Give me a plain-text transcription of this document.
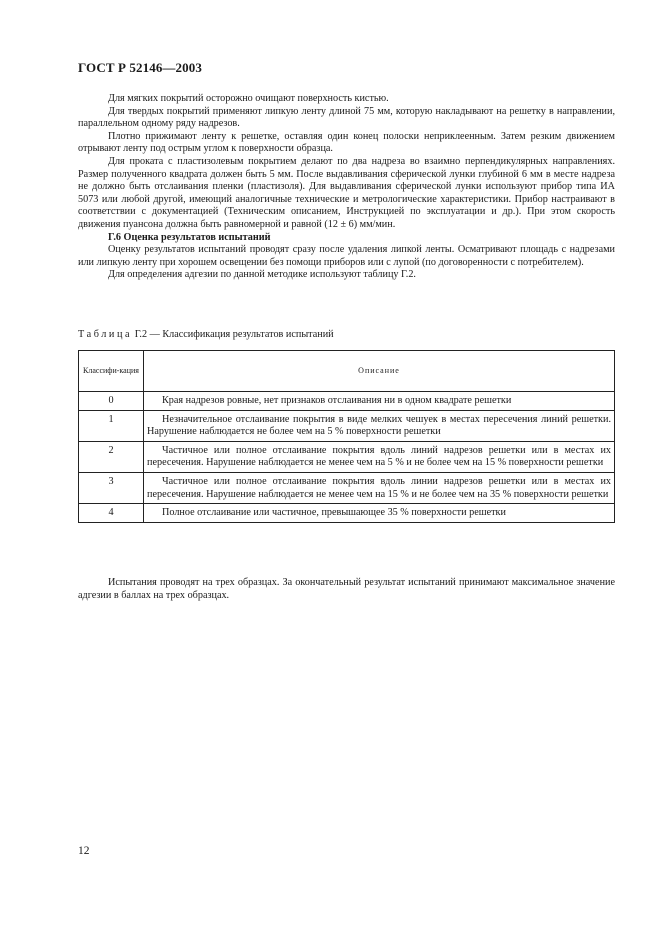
ГОСТ Р 52146—2003

Для мягких покрытий осторожно очищают поверхность кистью.

Для твердых покрытий применяют липкую ленту длиной 75 мм, которую накладывают на решетку в направлении, параллельном одному ряду надрезов.

Плотно прижимают ленту к решетке, оставляя один конец полоски неприклеенным. Затем резким движением отрывают ленту под острым углом к поверхности образца.

Для проката с пластизолевым покрытием делают по два надреза во взаимно перпендикулярных направлениях. Размер полученного квадрата должен быть 5 мм. После выдавливания сферической лунки глубиной 6 мм в месте надреза не должно быть отслаивания пленки (пластизоля). Для выдавливания сферической лунки используют прибор типа ИА 5073 или любой другой, имеющий аналогичные технические и метрологические характеристики. Прибор настраивают в соответствии с документацией (Техническим описанием, Инструкцией по эксплуатации и др.). При этом скорость движения пуансона должна быть равномерной и равной (12 ± 6) мм/мин.

Г.6 Оценка результатов испытаний

Оценку результатов испытаний проводят сразу после удаления липкой ленты. Осматривают площадь с надрезами или липкую ленту при хорошем освещении без помощи приборов или с лупой (по договоренности с потребителем).

Для определения адгезии по данной методике используют таблицу Г.2.

Таблица Г.2 — Классификация результатов испытаний
Классифи-кация	Описание
0	Края надрезов ровные, нет признаков отслаивания ни в одном квадрате решетки
1	Незначительное отслаивание покрытия в виде мелких чешуек в местах пересечения линий решетки. Нарушение наблюдается не более чем на 5 % поверхности решетки
2	Частичное или полное отслаивание покрытия вдоль линий надрезов решетки или в местах их пересечения. Нарушение наблюдается не менее чем на 5 % и не более чем на 15 % поверхности решетки
3	Частичное или полное отслаивание покрытия вдоль линии надрезов решетки или в местах их пересечения. Нарушение наблюдается не менее чем на 15 % и не более чем на 35 % поверхности решетки
4	Полное отслаивание или частичное, превышающее 35 % поверхности решетки

Испытания проводят на трех образцах. За окончательный результат испытаний принимают максимальное значение адгезии в баллах на трех образцах.

12
